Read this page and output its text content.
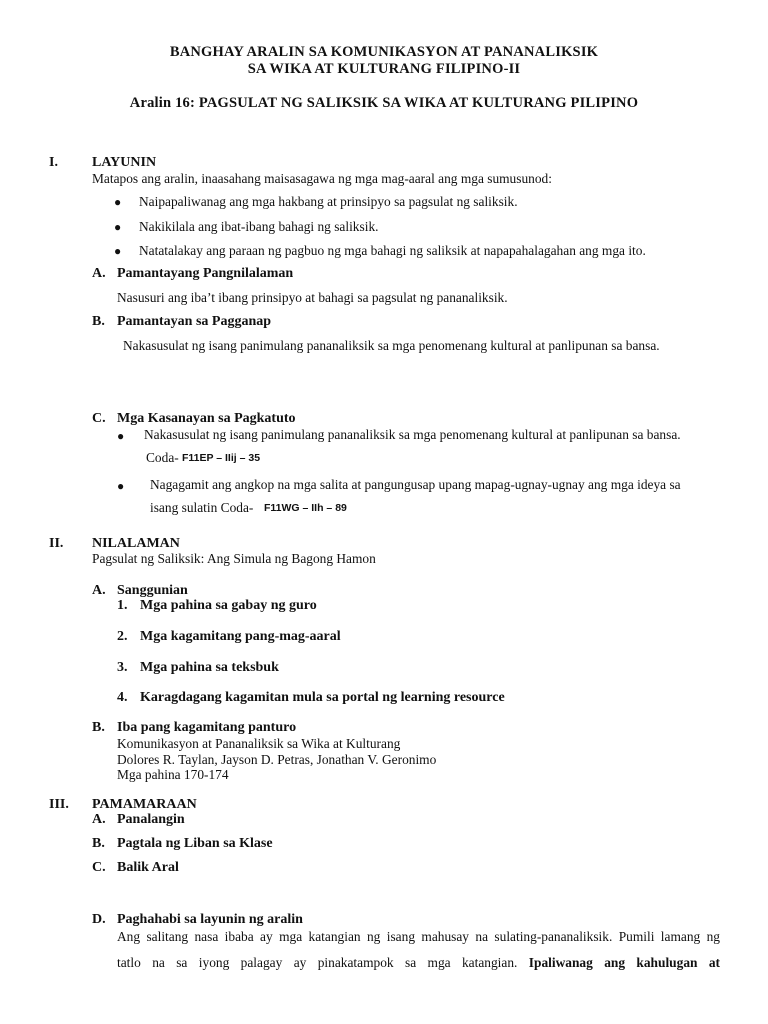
BANGHAY ARALIN SA KOMUNIKASYON AT PANANALIKSIK
SA WIKA AT KULTURANG FILIPINO-II
Aralin 16: PAGSULAT NG SALIKSIK SA WIKA AT KULTURANG PILIPINO
I. LAYUNIN
Matapos ang aralin, inaasahang maisasagawa ng mga mag-aaral ang mga sumusunod:
● Naipapaliwanag ang mga hakbang at prinsipyo sa pagsulat ng saliksik.
● Nakikilala ang ibat-ibang bahagi ng saliksik.
● Natatalakay ang paraan ng pagbuo ng mga bahagi ng saliksik at napapahalagahan ang mga ito.
A. Pamantayang Pangnilalaman
Nasusuri ang iba’t ibang prinsipyo at bahagi sa pagsulat ng pananaliksik.
B. Pamantayan sa Pagganap
Nakasusulat ng isang panimulang pananaliksik sa mga penomenang kultural at panlipunan sa bansa.
C. Mga Kasanayan sa Pagkatuto
● Nakasusulat ng isang panimulang pananaliksik sa mga penomenang kultural at panlipunan sa bansa.
Coda- F11EP – IIij – 35
● Nagagamit ang angkop na mga salita at pangungusap upang mapag-ugnay-ugnay ang mga ideya sa
isang sulatin Coda- F11WG – IIh – 89
II. NILALAMAN
Pagsulat ng Saliksik: Ang Simula ng Bagong Hamon
A. Sanggunian
1. Mga pahina sa gabay ng guro
2. Mga kagamitang pang-mag-aaral
3. Mga pahina sa teksbuk
4. Karagdagang kagamitan mula sa portal ng learning resource
B. Iba pang kagamitang panturo
Komunikasyon at Pananaliksik sa Wika at Kulturang
Dolores R. Taylan, Jayson D. Petras, Jonathan V. Geronimo
Mga pahina 170-174
III. PAMAMARAAN
A. Panalangin
B. Pagtala ng Liban sa Klase
C. Balik Aral
D. Paghahabi sa layunin ng aralin
Ang salitang nasa ibaba ay mga katangian ng isang mahusay na sulating-pananaliksik. Pumili lamang ng
tatlo na sa iyong palagay ay pinakatampok sa mga katangian. Ipaliwanag ang kahulugan at
